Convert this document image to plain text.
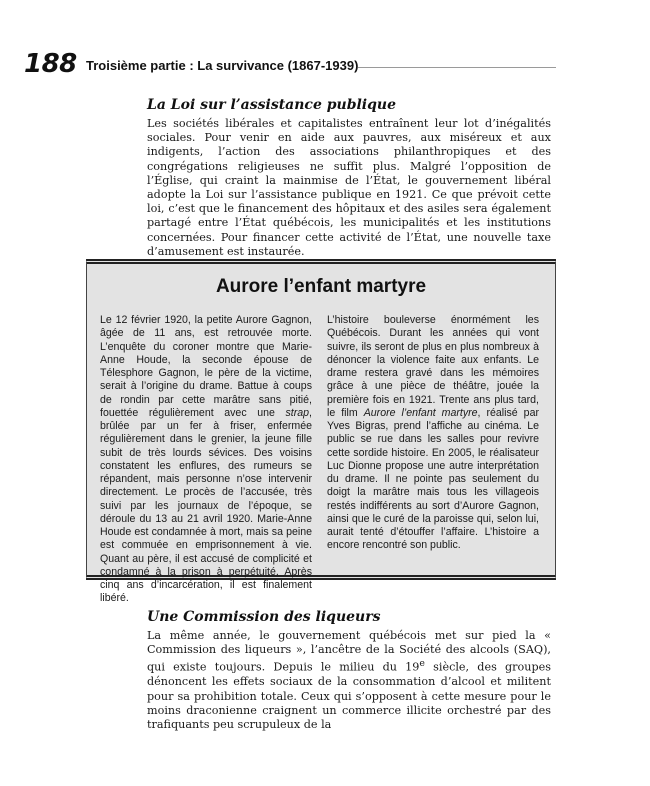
188 Troisième partie : La survivance (1867-1939)
La Loi sur l’assistance publique

Les sociétés libérales et capitalistes entraînent leur lot d’inégalités sociales. Pour venir en aide aux pauvres, aux miséreux et aux indigents, l’action des associations philanthropiques et des congrégations religieuses ne suffit plus. Malgré l’opposition de l’Église, qui craint la mainmise de l’État, le gouvernement libéral adopte la Loi sur l’assistance publique en 1921. Ce que prévoit cette loi, c’est que le financement des hôpitaux et des asiles sera également partagé entre l’État québécois, les municipalités et les institutions concernées. Pour financer cette activité de l’État, une nouvelle taxe d’amusement est instaurée.

Aurore l’enfant martyre
Le 12 février 1920, la petite Aurore Gagnon, âgée de 11 ans, est retrouvée morte. L’enquête du coroner montre que Marie-Anne Houde, la seconde épouse de Télesphore Gagnon, le père de la victime, serait à l’origine du drame. Battue à coups de rondin par cette marâtre sans pitié, fouettée régulièrement avec une strap, brûlée par un fer à friser, enfermée régulièrement dans le grenier, la jeune fille subit de très lourds sévices. Des voisins constatent les enflures, des rumeurs se répandent, mais personne n’ose intervenir directement. Le procès de l’accusée, très suivi par les journaux de l’époque, se déroule du 13 au 21 avril 1920. Marie-Anne Houde est condamnée à mort, mais sa peine est commuée en emprisonnement à vie. Quant au père, il est accusé de complicité et condamné à la prison à perpétuité. Après cinq ans d’incarcération, il est finalement libéré.
L’histoire bouleverse énormément les Québécois. Durant les années qui vont suivre, ils seront de plus en plus nombreux à dénoncer la violence faite aux enfants. Le drame restera gravé dans les mémoires grâce à une pièce de théâtre, jouée la première fois en 1921. Trente ans plus tard, le film Aurore l’enfant martyre, réalisé par Yves Bigras, prend l’affiche au cinéma. Le public se rue dans les salles pour revivre cette sordide histoire. En 2005, le réalisateur Luc Dionne propose une autre interprétation du drame. Il ne pointe pas seulement du doigt la marâtre mais tous les villageois restés indifférents au sort d’Aurore Gagnon, ainsi que le curé de la paroisse qui, selon lui, aurait tenté d’étouffer l’affaire. L’histoire a encore rencontré son public.
Une Commission des liqueurs

La même année, le gouvernement québécois met sur pied la « Commission des liqueurs », l’ancêtre de la Société des alcools (SAQ), qui existe toujours. Depuis le milieu du 19e siècle, des groupes dénoncent les effets sociaux de la consommation d’alcool et militent pour sa prohibition totale. Ceux qui s’opposent à cette mesure pour le moins draconienne craignent un commerce illicite orchestré par des trafiquants peu scrupuleux de la
